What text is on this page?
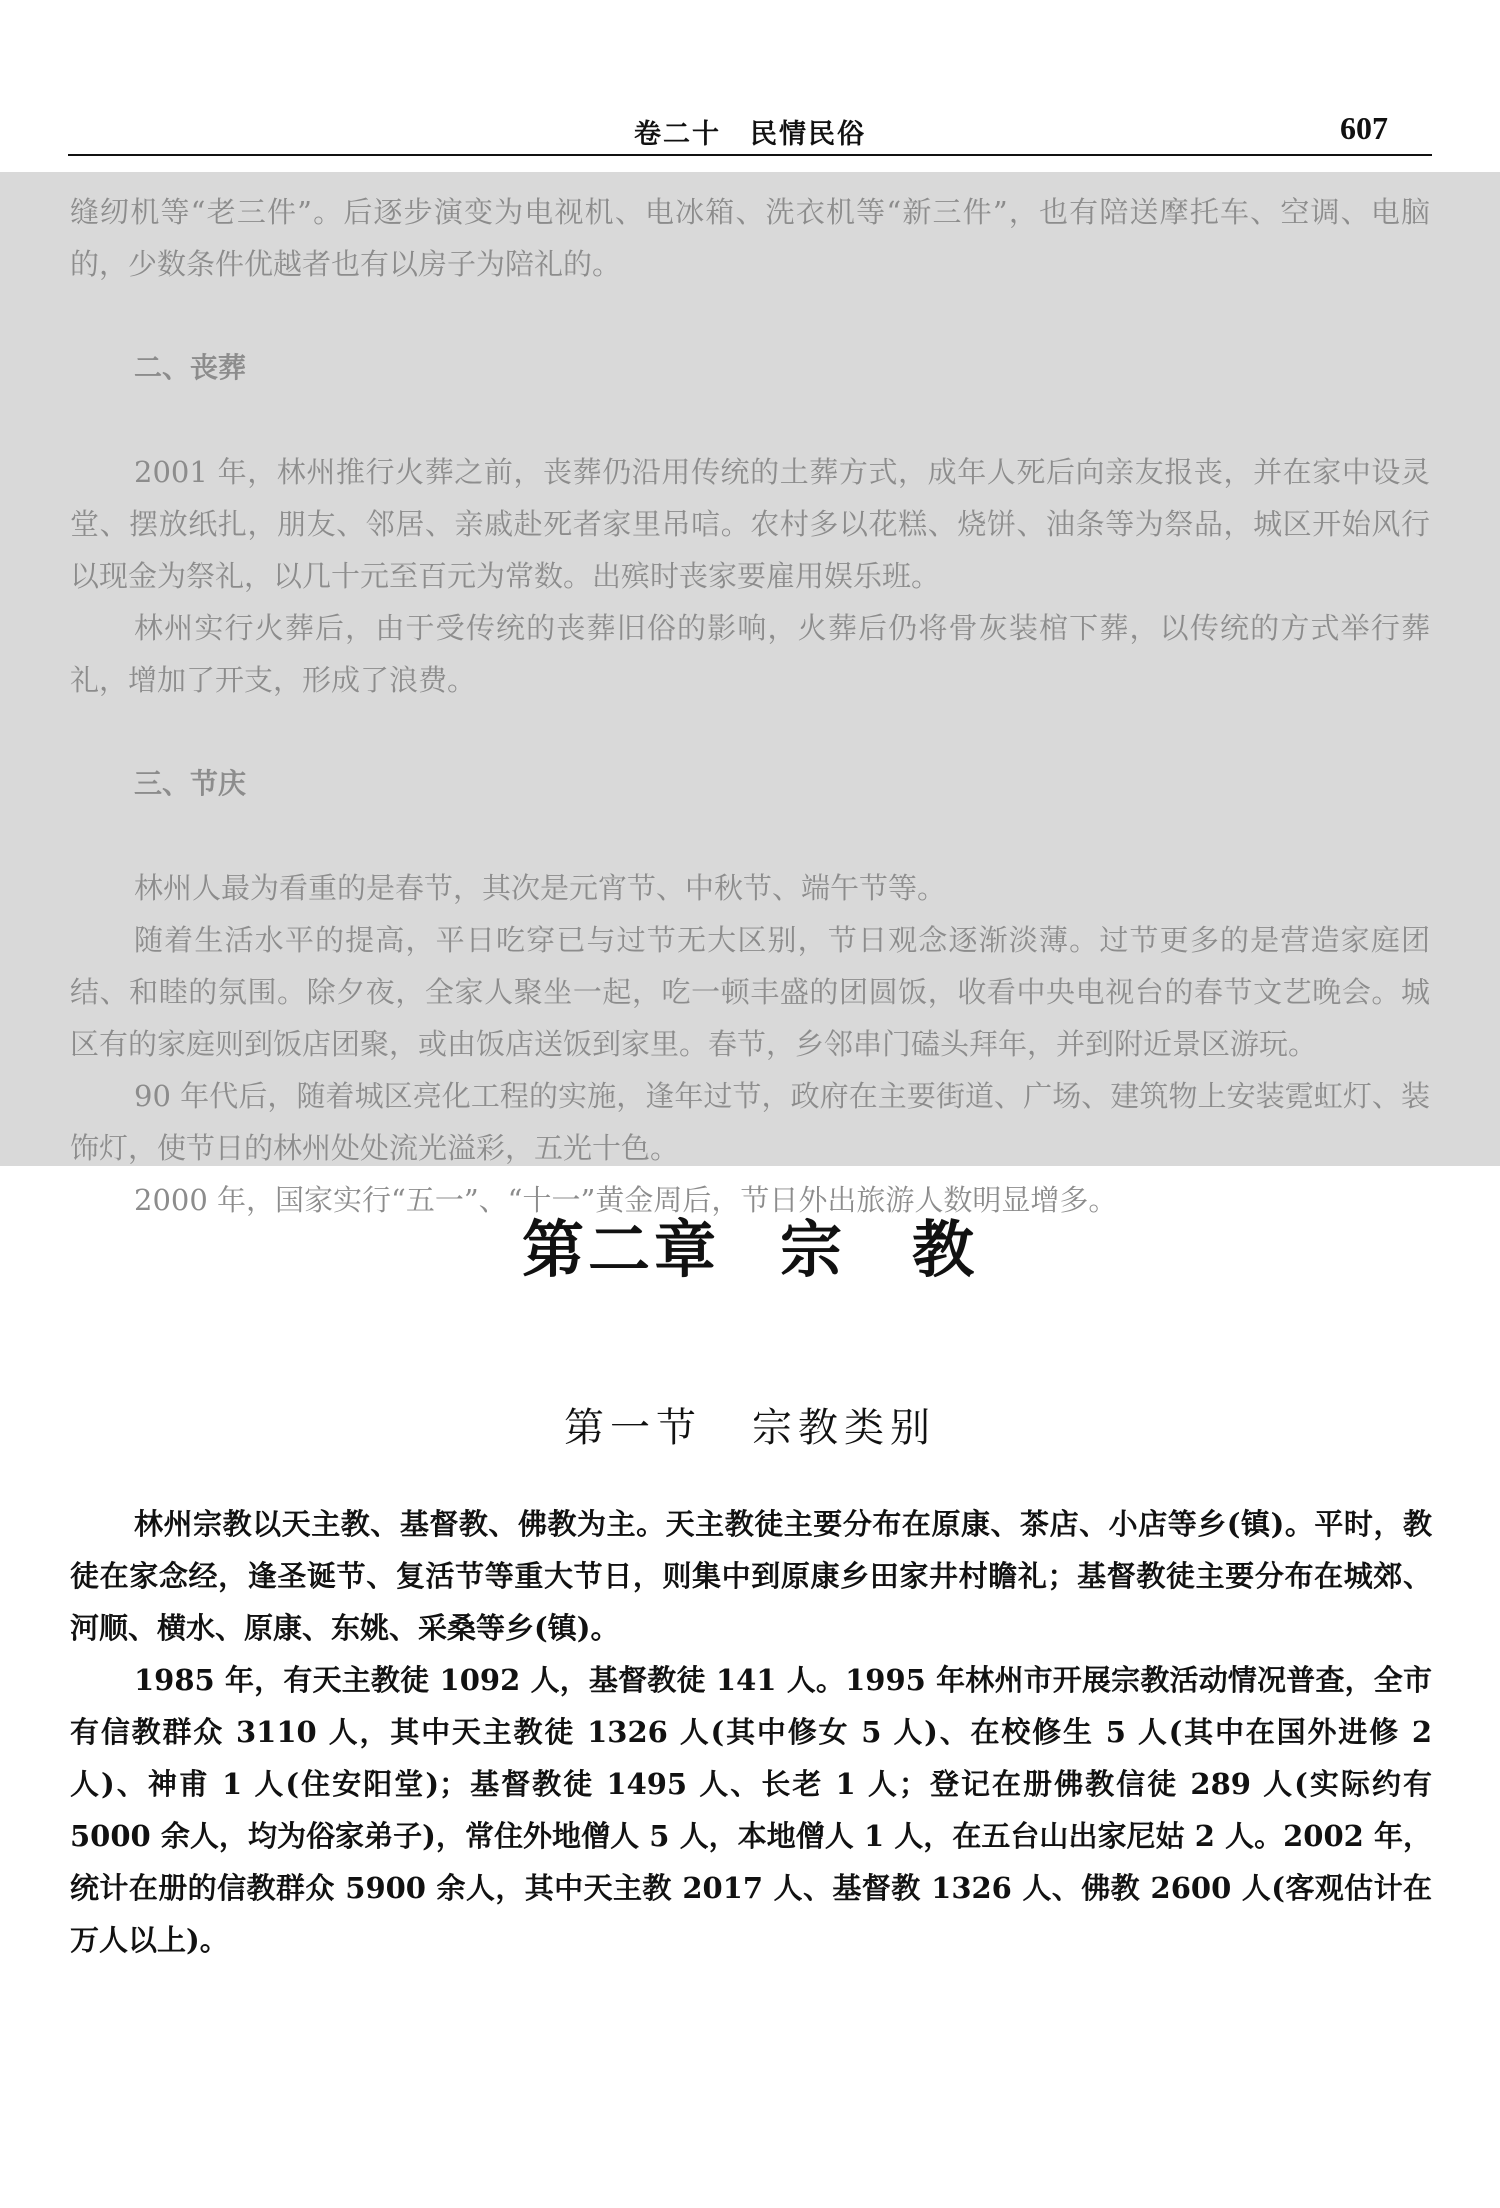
卷二十　民情民俗	607

缝纫机等“老三件”。后逐步演变为电视机、电冰箱、洗衣机等“新三件”，也有陪送摩托车、空调、电脑的，少数条件优越者也有以房子为陪礼的。

二、丧葬

2001 年，林州推行火葬之前，丧葬仍沿用传统的土葬方式，成年人死后向亲友报丧，并在家中设灵堂、摆放纸扎，朋友、邻居、亲戚赴死者家里吊唁。农村多以花糕、烧饼、油条等为祭品，城区开始风行以现金为祭礼，以几十元至百元为常数。出殡时丧家要雇用娱乐班。

林州实行火葬后，由于受传统的丧葬旧俗的影响，火葬后仍将骨灰装棺下葬，以传统的方式举行葬礼，增加了开支，形成了浪费。

三、节庆

林州人最为看重的是春节，其次是元宵节、中秋节、端午节等。

随着生活水平的提高，平日吃穿已与过节无大区别，节日观念逐渐淡薄。过节更多的是营造家庭团结、和睦的氛围。除夕夜，全家人聚坐一起，吃一顿丰盛的团圆饭，收看中央电视台的春节文艺晚会。城区有的家庭则到饭店团聚，或由饭店送饭到家里。春节，乡邻串门磕头拜年，并到附近景区游玩。

90 年代后，随着城区亮化工程的实施，逢年过节，政府在主要街道、广场、建筑物上安装霓虹灯、装饰灯，使节日的林州处处流光溢彩，五光十色。

2000 年，国家实行“五一”、“十一”黄金周后，节日外出旅游人数明显增多。

第二章 宗　教
第一节 宗教类别

林州宗教以天主教、基督教、佛教为主。天主教徒主要分布在原康、茶店、小店等乡(镇)。平时，教徒在家念经，逢圣诞节、复活节等重大节日，则集中到原康乡田家井村瞻礼；基督教徒主要分布在城郊、河顺、横水、原康、东姚、采桑等乡(镇)。

1985 年，有天主教徒 1092 人，基督教徒 141 人。1995 年林州市开展宗教活动情况普查，全市有信教群众 3110 人，其中天主教徒 1326 人(其中修女 5 人)、在校修生 5 人(其中在国外进修 2 人)、神甫 1 人(住安阳堂)；基督教徒 1495 人、长老 1 人；登记在册佛教信徒 289 人(实际约有 5000 余人，均为俗家弟子)，常住外地僧人 5 人，本地僧人 1 人，在五台山出家尼姑 2 人。2002 年，统计在册的信教群众 5900 余人，其中天主教 2017 人、基督教 1326 人、佛教 2600 人(客观估计在万人以上)。
